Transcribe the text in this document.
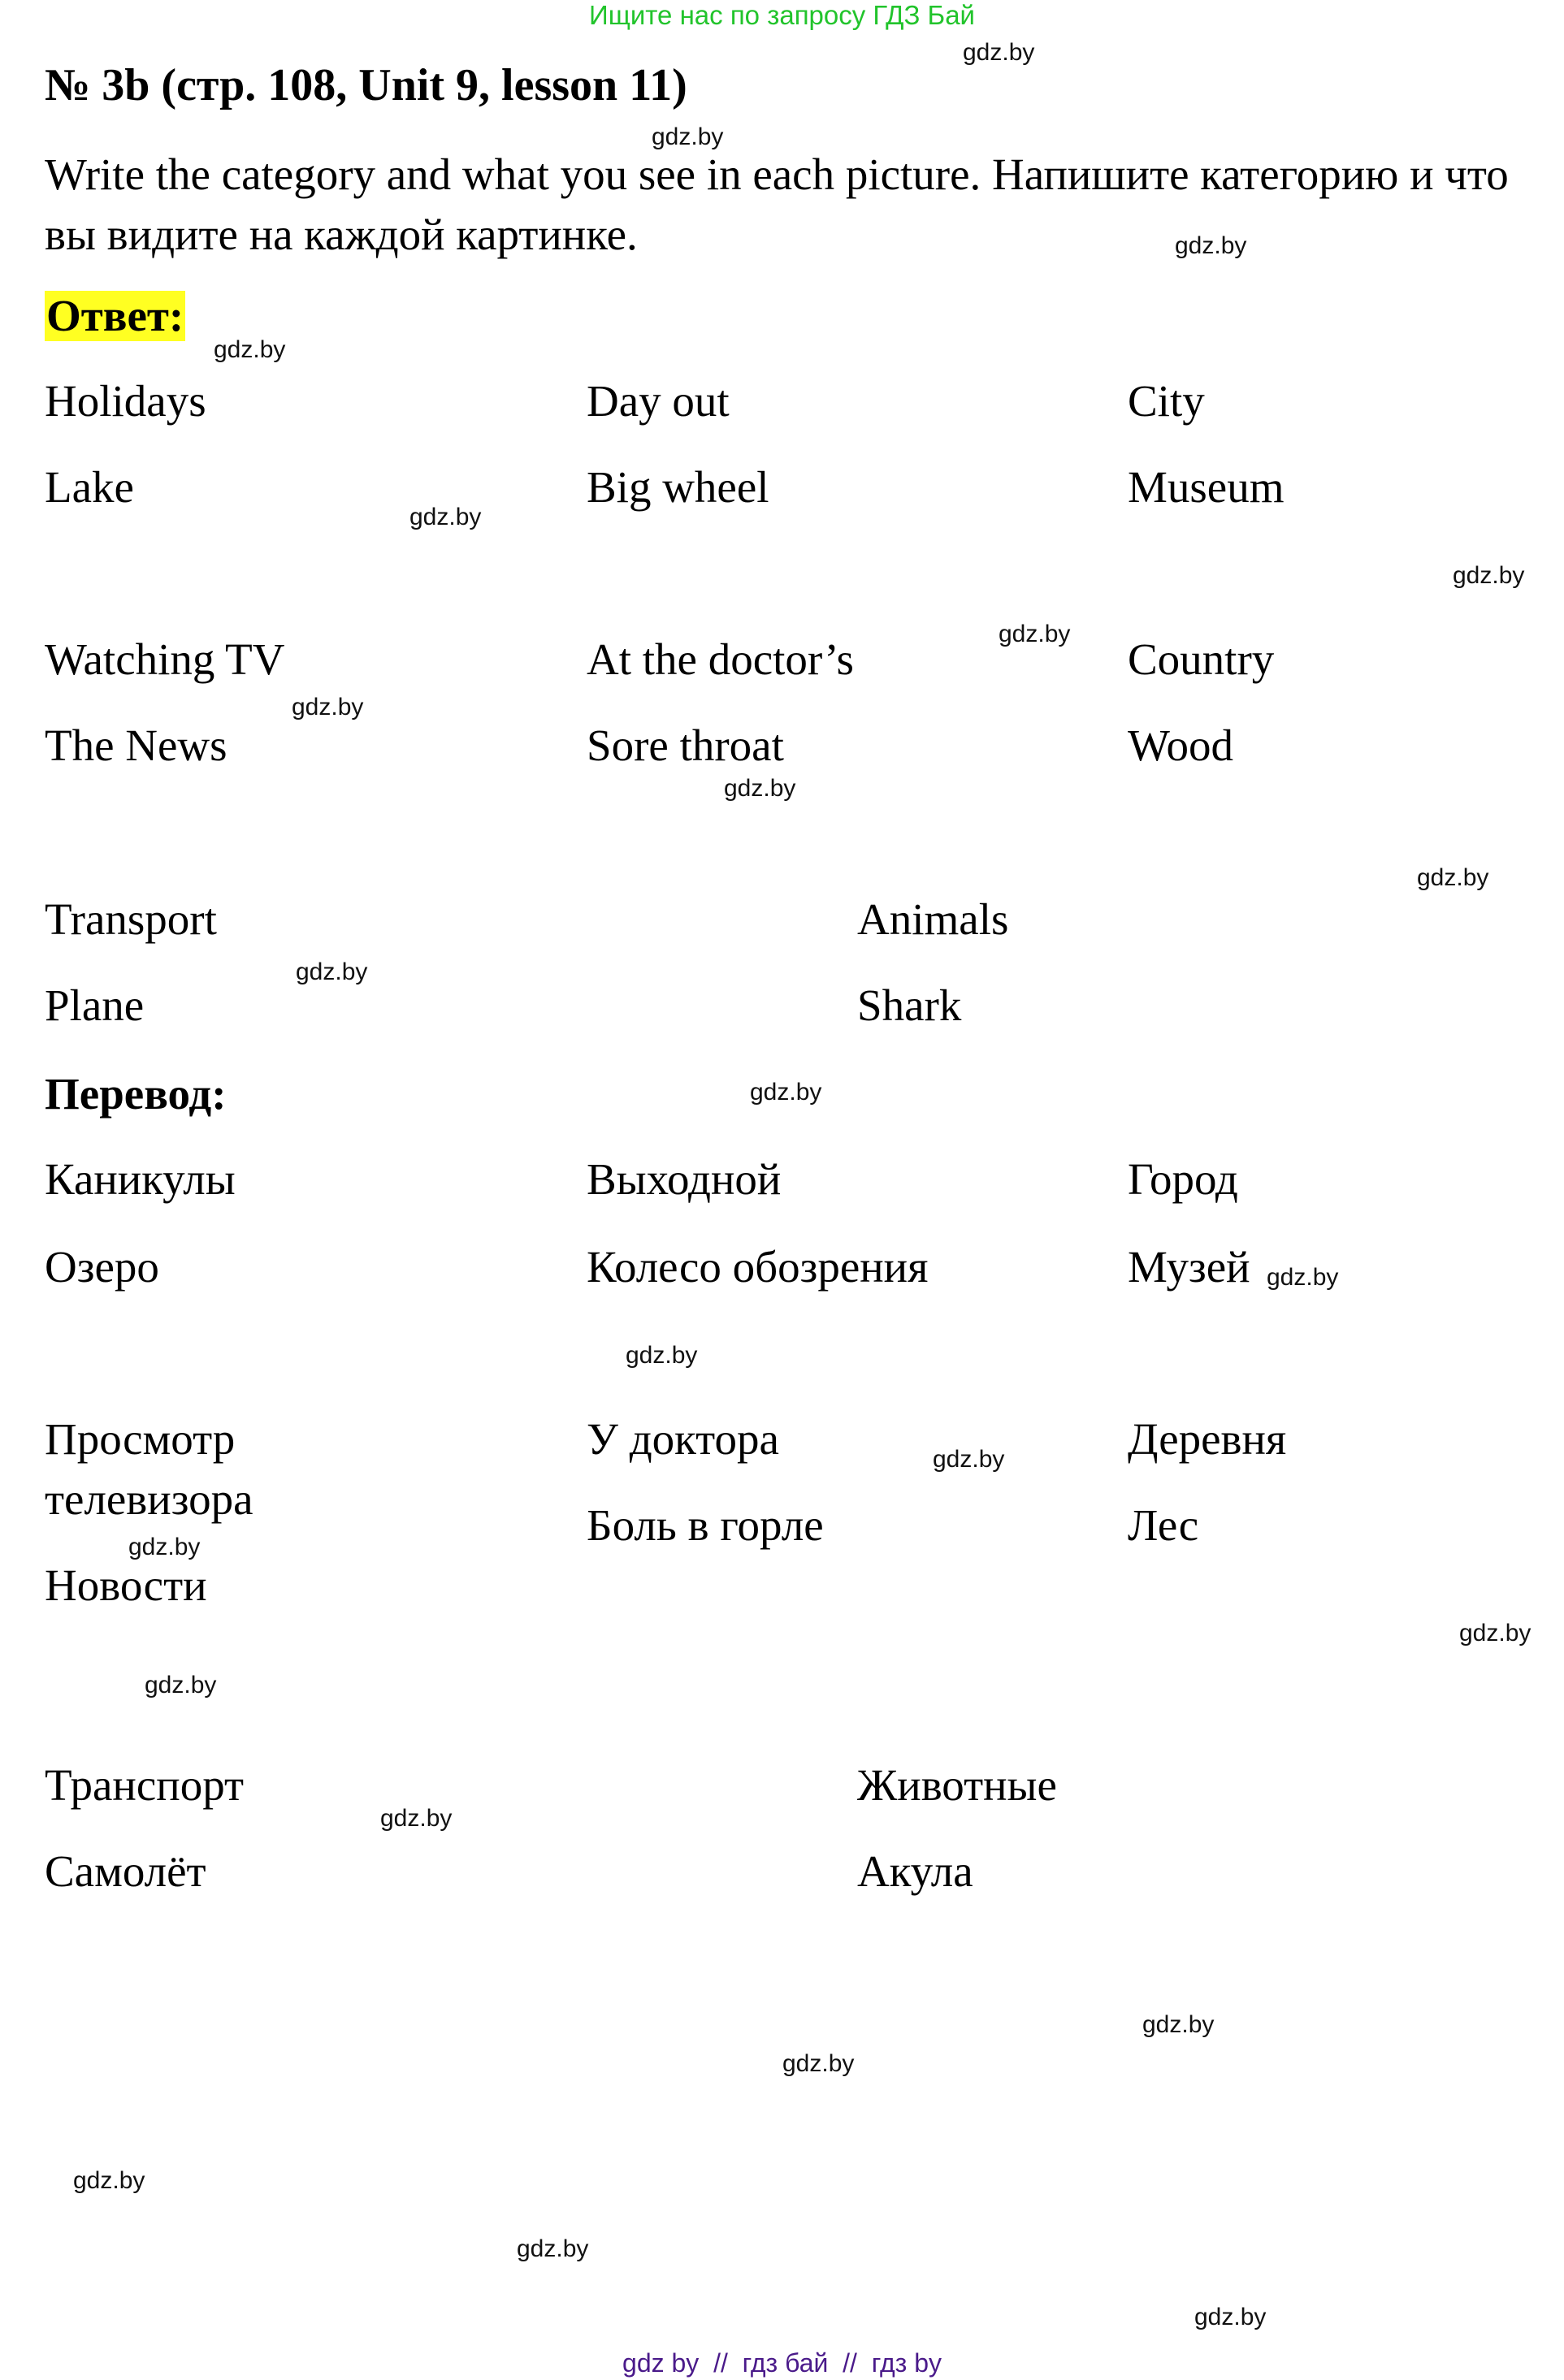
Ищите нас по запросу ГДЗ Бай
№ 3b (стр. 108, Unit 9, lesson 11)
Write the category and what you see in each picture. Напишите категорию и что вы видите на каждой картинке.
Ответ:
Holidays
Lake
Day out
Big wheel
City
Museum
Watching TV
The News
At the doctor’s
Sore throat
Country
Wood
Transport
Plane
Animals
Shark
Перевод:
Каникулы
Озеро
Выходной
Колесо обозрения
Город
Музей
Просмотр
телевизора
Новости
У доктора
Боль в горле
Деревня
Лес
Транспорт
Самолёт
Животные
Акула
gdz.by
gdz.by
gdz.by
gdz.by
gdz.by
gdz.by
gdz.by
gdz.by
gdz.by
gdz.by
gdz.by
gdz.by
gdz.by
gdz.by
gdz.by
gdz.by
gdz.by
gdz.by
gdz.by
gdz.by
gdz.by
gdz.by
gdz.by
gdz.by
gdz by  //  гдз бай  //  гдз by
